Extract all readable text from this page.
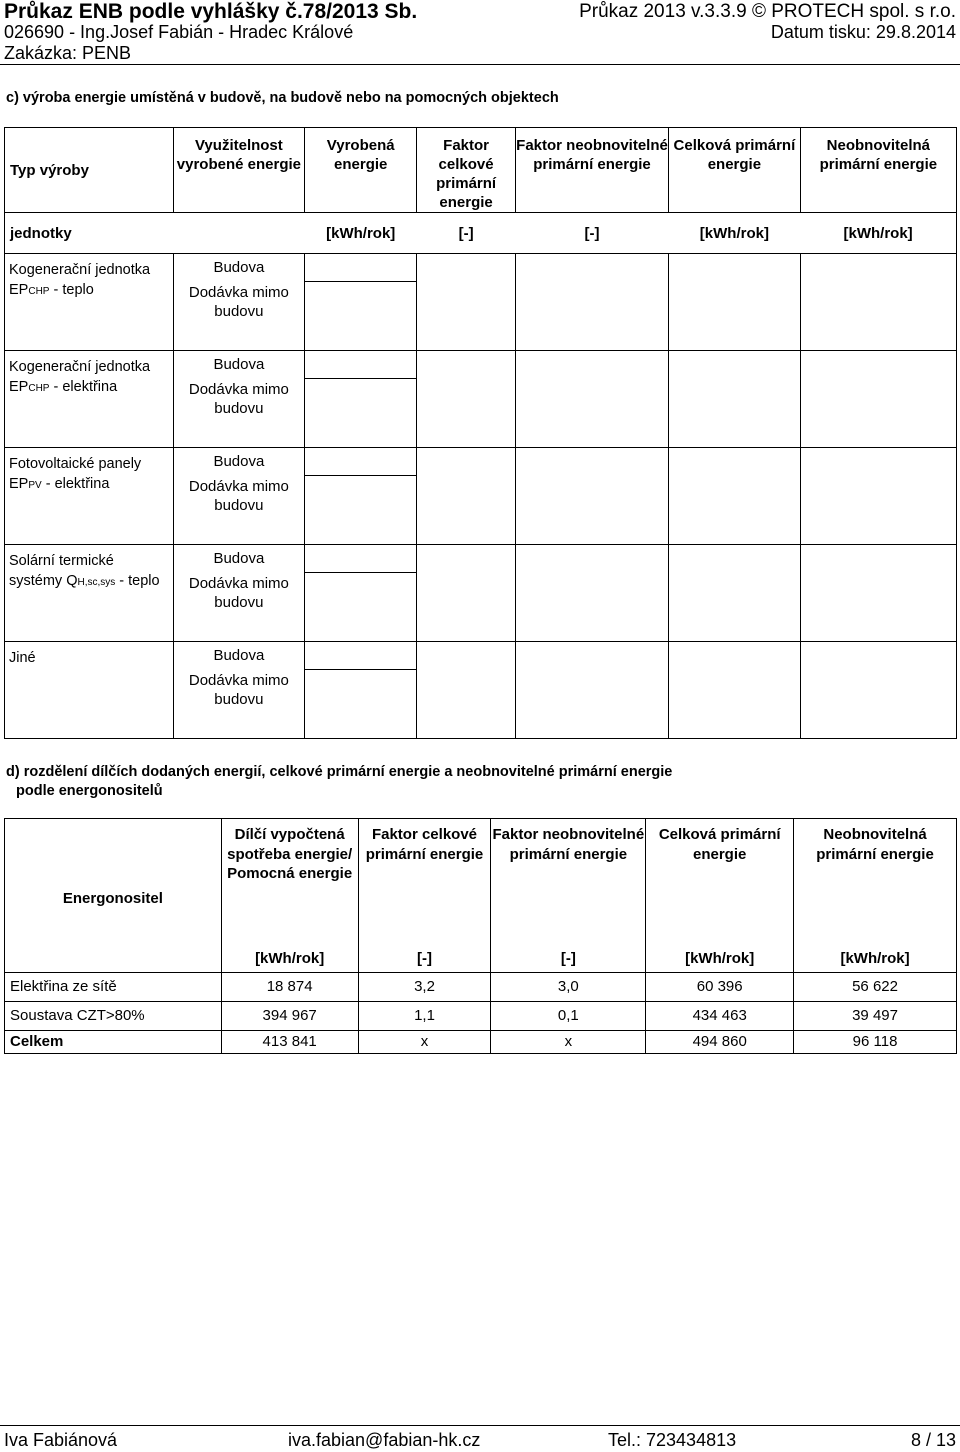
Průkaz ENB podle vyhlášky č.78/2013 Sb.	Průkaz 2013 v.3.3.9 © PROTECH spol. s r.o.
026690 - Ing.Josef Fabián - Hradec Králové	Datum tisku: 29.8.2014
Zakázka: PENB
c) výroba energie umístěná v budově, na budově nebo na pomocných objektech
Typ výroby	Využitelnost vyrobené energie	Vyrobená energie	Faktor celkové primární energie	Faktor neobnovitelné primární energie	Celková primární energie	Neobnovitelná primární energie
jednotky		[kWh/rok]	[-]	[-]	[kWh/rok]	[kWh/rok]
Kogenerační jednotka EPCHP - teplo	Budova
Dodávka mimo budovu					

Kogenerační jednotka EPCHP - elektřina	Budova
Dodávka mimo budovu					

Fotovoltaické panely EPPV - elektřina	Budova
Dodávka mimo budovu					

Solární termické systémy QH,sc,sys - teplo	Budova
Dodávka mimo budovu					

Jiné	Budova
Dodávka mimo budovu					

d) rozdělení dílčích dodaných energií, celkové primární energie a neobnovitelné primární energie
podle energonositelů
Energonositel	Dílčí vypočtená spotřeba energie/ Pomocná energie	Faktor celkové primární energie	Faktor neobnovitelné primární energie	Celková primární energie	Neobnovitelná primární energie
	[kWh/rok]	[-]	[-]	[kWh/rok]	[kWh/rok]
Elektřina ze sítě	18 874	3,2	3,0	60 396	56 622
Soustava CZT>80%	394 967	1,1	0,1	434 463	39 497
Celkem	413 841	x	x	494 860	96 118
Iva Fabiánová	iva.fabian@fabian-hk.cz	Tel.: 723434813	8 / 13
